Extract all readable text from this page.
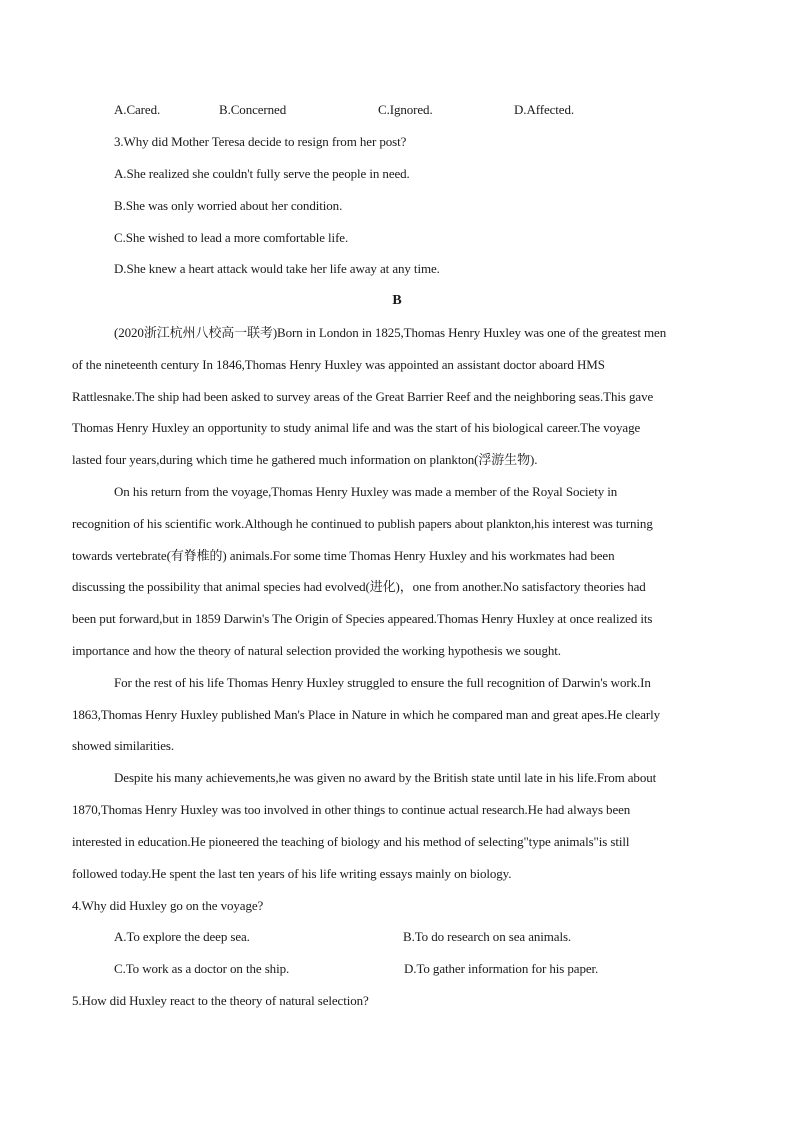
A.Cared.	B.Concerned	C.Ignored.	D.Affected.
3.Why did Mother Teresa decide to resign from her post?
A.She realized she couldn't fully serve the people in need.
B.She was only worried about her condition.
C.She wished to lead a more comfortable life.
D.She knew a heart attack would take her life away at any time.
B
(2020浙江杭州八校高一联考)Born in London in 1825,Thomas Henry Huxley was one of the greatest men
of the nineteenth century In 1846,Thomas Henry Huxley was appointed an assistant doctor aboard HMS
Rattlesnake.The ship had been asked to survey areas of the Great Barrier Reef and the neighboring seas.This gave
Thomas Henry Huxley an opportunity to study animal life and was the start of his biological career.The voyage
lasted four years,during which time he gathered much information on plankton(浮游生物).
On his return from the voyage,Thomas Henry Huxley was made a member of the Royal Society in
recognition of his scientific work.Although he continued to publish papers about plankton,his interest was turning
towards vertebrate(有脊椎的) animals.For some time Thomas Henry Huxley and his workmates had been
discussing the possibility that animal species had evolved(进化)，one from another.No satisfactory theories had
been put forward,but in 1859 Darwin's The Origin of Species appeared.Thomas Henry Huxley at once realized its
importance and how the theory of natural selection provided the working hypothesis we sought.
For the rest of his life Thomas Henry Huxley struggled to ensure the full recognition of Darwin's work.In
1863,Thomas Henry Huxley published Man's Place in Nature in which he compared man and great apes.He clearly
showed similarities.
Despite his many achievements,he was given no award by the British state until late in his life.From about
1870,Thomas Henry Huxley was too involved in other things to continue actual research.He had always been
interested in education.He pioneered the teaching of biology and his method of selecting"type animals"is still
followed today.He spent the last ten years of his life writing essays mainly on biology.
4.Why did Huxley go on the voyage?
A.To explore the deep sea.	B.To do research on sea animals.
C.To work as a doctor on the ship.	D.To gather information for his paper.
5.How did Huxley react to the theory of natural selection?
